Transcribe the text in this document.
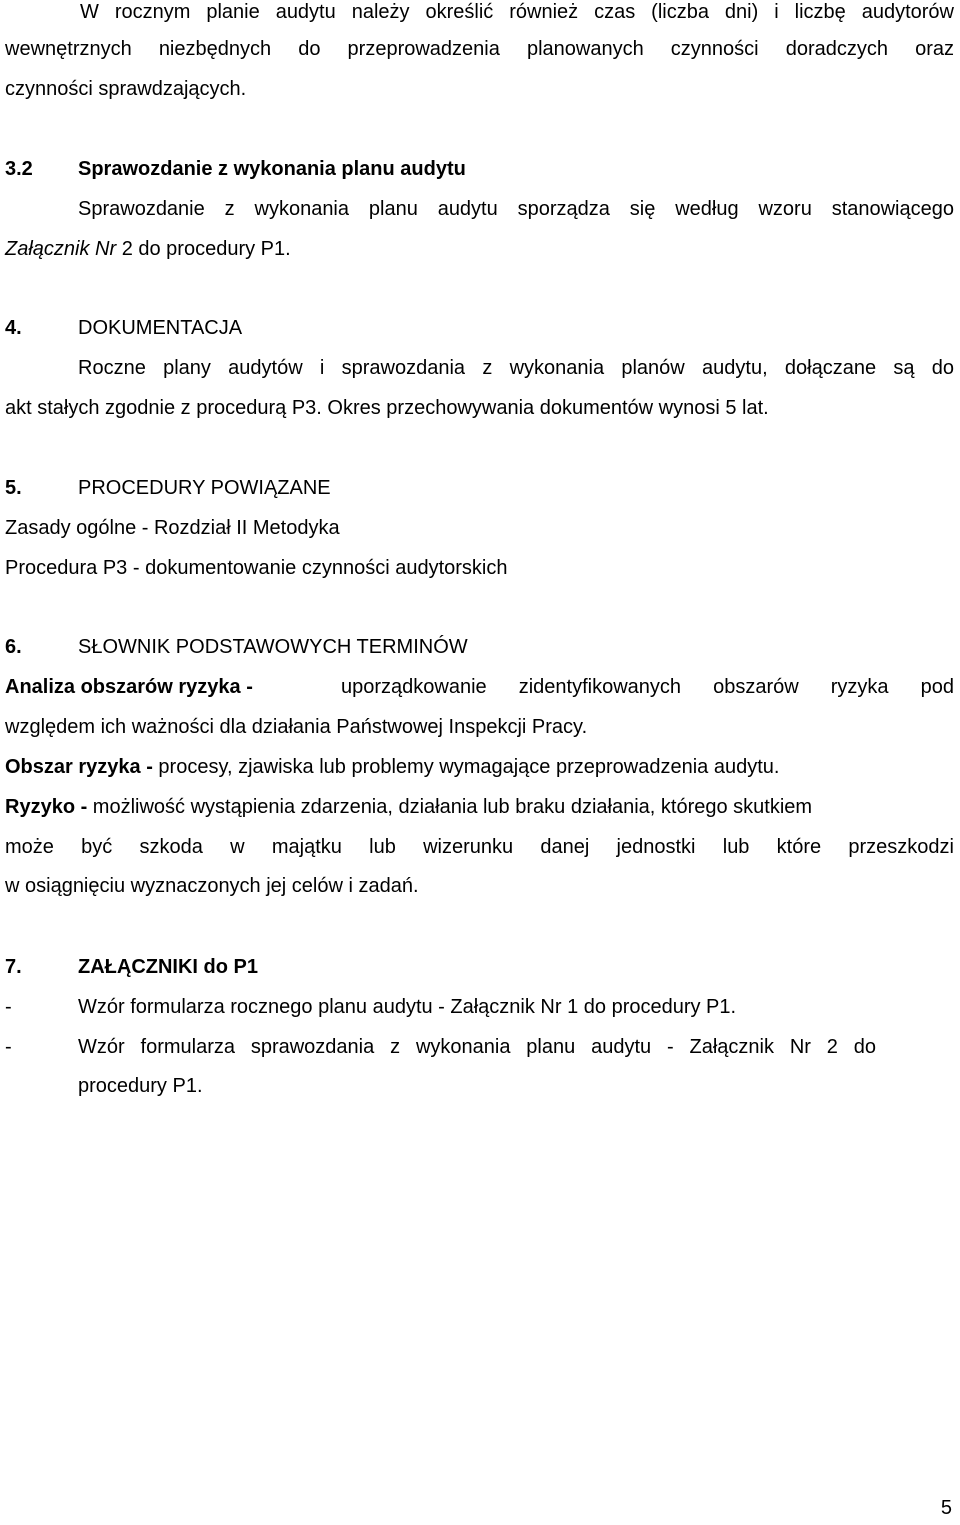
W rocznym planie audytu należy określić również czas (liczba dni) i liczbę audytorów
wewnętrznych niezbędnych do przeprowadzenia planowanych czynności doradczych oraz
czynności sprawdzających.
3.2 Sprawozdanie z wykonania planu audytu
Sprawozdanie z wykonania planu audytu sporządza się według wzoru stanowiącego
Załącznik Nr 2 do procedury P1.
4.	DOKUMENTACJA
Roczne plany audytów i sprawozdania z wykonania planów audytu, dołączane są do
akt stałych zgodnie z procedurą P3. Okres przechowywania dokumentów wynosi 5 lat.
5.	PROCEDURY POWIĄZANE
Zasady ogólne - Rozdział II Metodyka
Procedura P3 - dokumentowanie czynności audytorskich
6.	SŁOWNIK PODSTAWOWYCH TERMINÓW
Analiza obszarów ryzyka -	uporządkowanie zidentyfikowanych obszarów ryzyka pod
względem ich ważności dla działania Państwowej Inspekcji Pracy.
Obszar ryzyka - procesy, zjawiska lub problemy wymagające przeprowadzenia audytu.
Ryzyko - możliwość wystąpienia zdarzenia, działania lub braku działania, którego skutkiem
może być szkoda w majątku lub wizerunku danej jednostki lub które przeszkodzi
w osiągnięciu wyznaczonych jej celów i zadań.
7.	ZAŁĄCZNIKI do P1
-	Wzór formularza rocznego planu audytu - Załącznik Nr 1 do procedury P1.
-	Wzór formularza sprawozdania z wykonania planu audytu - Załącznik Nr 2 do
procedury P1.
5
